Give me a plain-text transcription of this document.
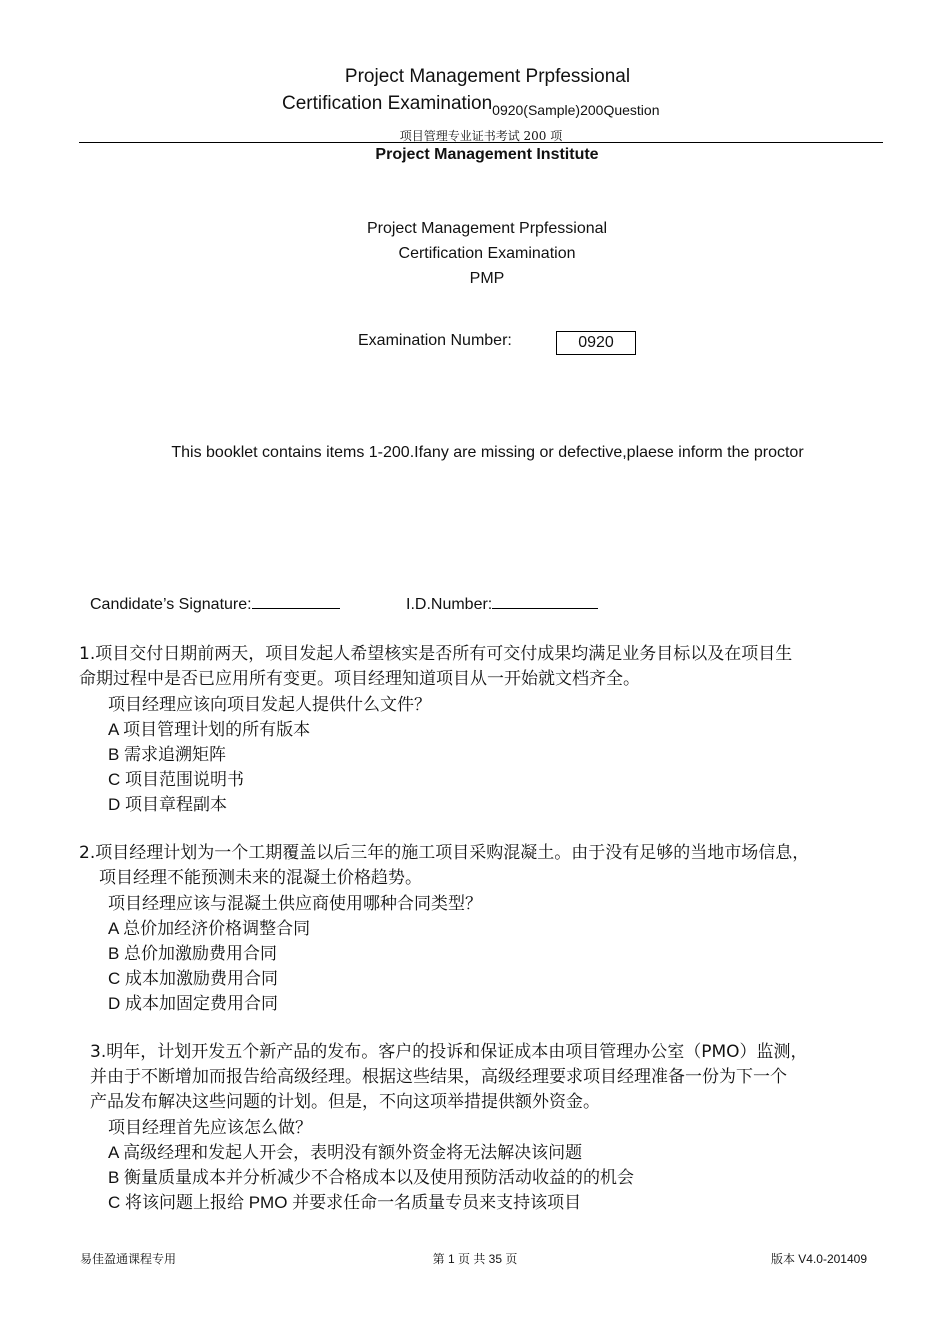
Project Management Prpfessional
Certification Examination$_{0920(Sample)200Question}$
项目管理专业证书考试 200 项
Project Management Institute
Project Management Prpfessional
Certification Examination
PMP
Examination Number:	0920
This booklet contains items 1-200.Ifany are missing or defective,plaese inform the proctor
Candidate’s Signature:	I.D.Number:
1.项目交付日期前两天，项目发起人希望核实是否所有可交付成果均满足业务目标以及在项目生
命期过程中是否已应用所有变更。项目经理知道项目从一开始就文档齐全。
项目经理应该向项目发起人提供什么文件？
A 项目管理计划的所有版本
B 需求追溯矩阵
C 项目范围说明书
D 项目章程副本
2.项目经理计划为一个工期覆盖以后三年的施工项目采购混凝土。由于没有足够的当地市场信息，
项目经理不能预测未来的混凝土价格趋势。
项目经理应该与混凝土供应商使用哪种合同类型？
A 总价加经济价格调整合同
B 总价加激励费用合同
C 成本加激励费用合同
D 成本加固定费用合同
3.明年，计划开发五个新产品的发布。客户的投诉和保证成本由项目管理办公室（PMO）监测，
并由于不断增加而报告给高级经理。根据这些结果，高级经理要求项目经理准备一份为下一个
产品发布解决这些问题的计划。但是，不向这项举措提供额外资金。
项目经理首先应该怎么做？
A 高级经理和发起人开会，表明没有额外资金将无法解决该问题
B 衡量质量成本并分析减少不合格成本以及使用预防活动收益的的机会
C 将该问题上报给 PMO 并要求任命一名质量专员来支持该项目
易佳盈通课程专用	第 1 页 共 35 页	版本 V4.0-201409
